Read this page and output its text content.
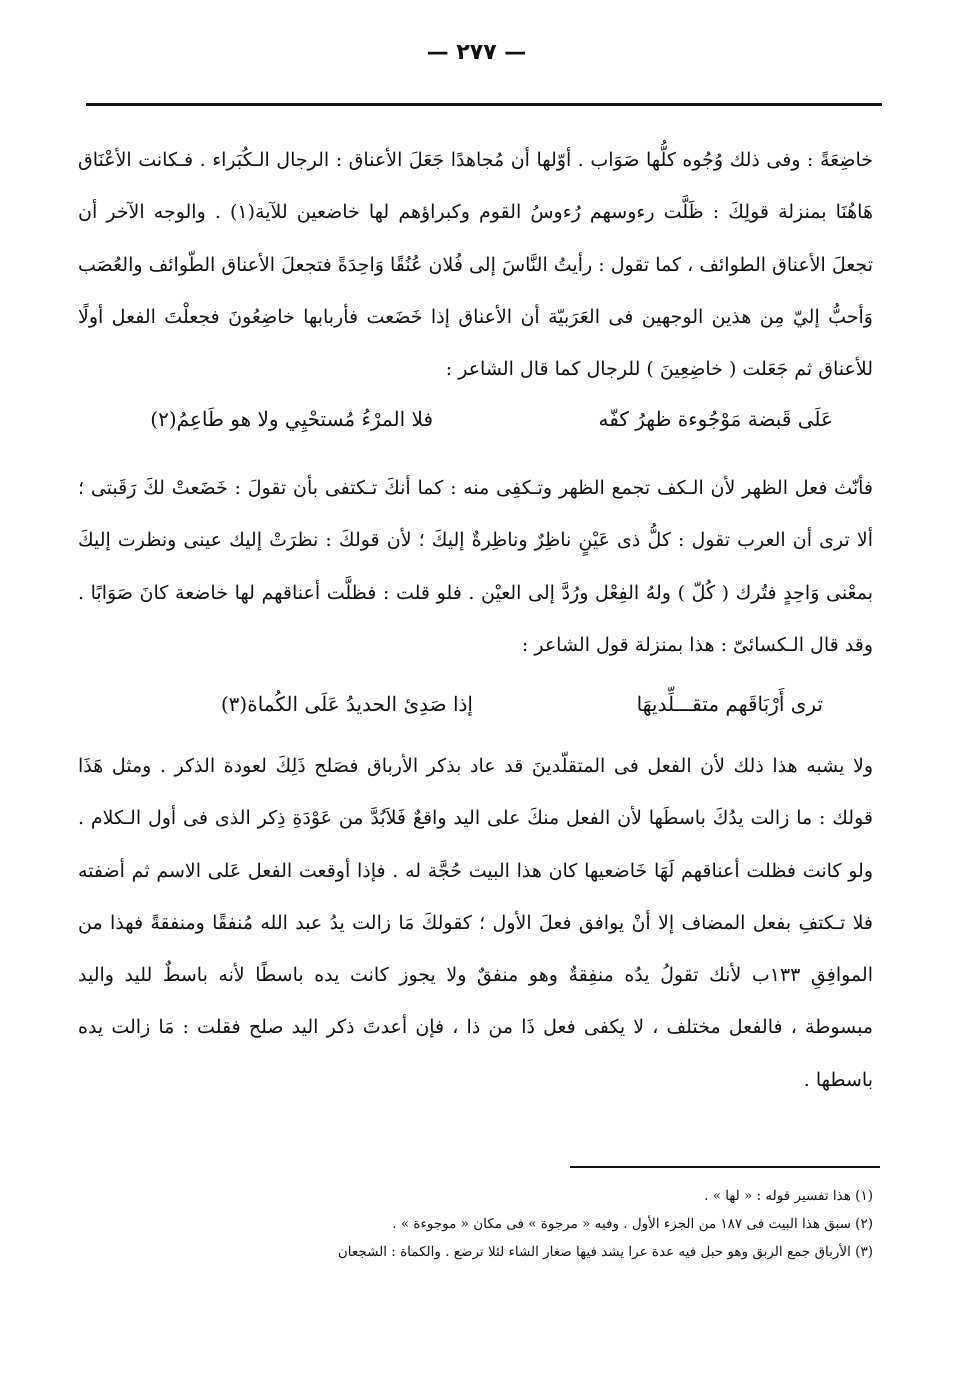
— ٢٧٧ —

خاضِعَةً : وفى ذلك وُجُوه كلُّها صَوَاب . أوّلها أن مُجاهدًا جَعَلَ الأعناق : الرجال الـكُبَراء . فـكانت الأعْنَاق هَاهُنَا بمنزلة قولِكَ : ظَلَّت رءوسهم رُءوسُ القوم وكبراؤهم لها خاضعين للآية(١) . والوجه الآخر أن تجعلَ الأعناق الطوائف ، كما تقول : رأيتُ النَّاسَ إلى فُلان عُنُقًا وَاحِدَةً فتجعلَ الأعناق الطّوائف والعُصَب وَأحبُّ إليّ مِن هذين الوجهين فى العَرَبيّة أن الأعناق إذا خَضَعت فأربابها خاضِعُونَ فجعلْتَ الفعل أولًا للأعناق ثم جَعَلت ( خاضِعِينَ ) للرجال كما قال الشاعر :

عَلَى قَبضة مَوْجُوءة ظهرُ كفّه
فلا المرْءُ مُستحْيِي ولا هو طَاعِمُ(٢)

فأنّث فعل الظهر لأن الـكف تجمع الظهر وتـكفِى منه : كما أنكَ تـكتفى بأن تقولَ : خَضَعتْ لكَ رَقَبتى ؛ ألا ترى أن العرب تقول : كلُّ ذى عَيْنٍ ناظِرٌ وناظِرةٌ إليكَ ؛ لأن قولكَ : نظرَتْ إليك عينى ونظرت إليكَ بمعْنى وَاحِدٍ فتُرك ( كُلّ ) ولهُ الفِعْل ورُدَّ إلى العيْن . فلو قلت : فظلَّت أعناقهم لها خاضعة كانَ صَوَابًا . وقد قال الـكسائىّ : هذا بمنزلة قول الشاعر :

ترى أَرْبَاقَهم متقـــلِّديهَا
إذا صَدِئ الحديدُ عَلَى الكُماة(٣)

ولا يشبه هذا ذلك لأن الفعل فى المتقلّدينَ قد عاد بذكر الأرباق فصَلح ذَلِكَ لعودة الذكر . ومثل هَذَا قولك : ما زالت يدُكَ باسطَها لأن الفعل منكَ على اليد واقعٌ فَلاَبُدَّ من عَوْدَةِ ذِكر الذى فى أول الـكلام . ولو كانت فظلت أعناقهم لَهَا خَاضعيها كان هذا البيت حُجَّة له . فإذا أوقعت الفعل عَلى الاسم ثم أضفته فلا تـكتفِ بفعل المضاف إلا أنْ يوافق فعلَ الأول ؛ كقولكَ مَا زالت يدُ عبد الله مُنفقًا ومنفقةً فهذا من الموافِقِ ١٣٣ب لأنك تقولُ يدُه منفِقةٌ وهو منفقٌ ولا يجوز كانت يده باسطًا لأنه باسطٌ لليد واليد مبسوطة ، فالفعل مختلف ، لا يكفى فعل ذَا من ذا ، فإن أعدتَ ذكر اليد صلح فقلت : مَا زالت يده باسطها .

(١) هذا تفسير قوله : « لها » .
(٢) سبق هذا البيت فى ١٨٧ من الجزء الأول . وفيه « مرجوة » فى مكان « موجوءة » .
(٣) الأرباق جمع الربق وهو حبل فيه عدة عرا يشد فيها صغار الشاء لئلا ترضع . والكماة : الشجعان
